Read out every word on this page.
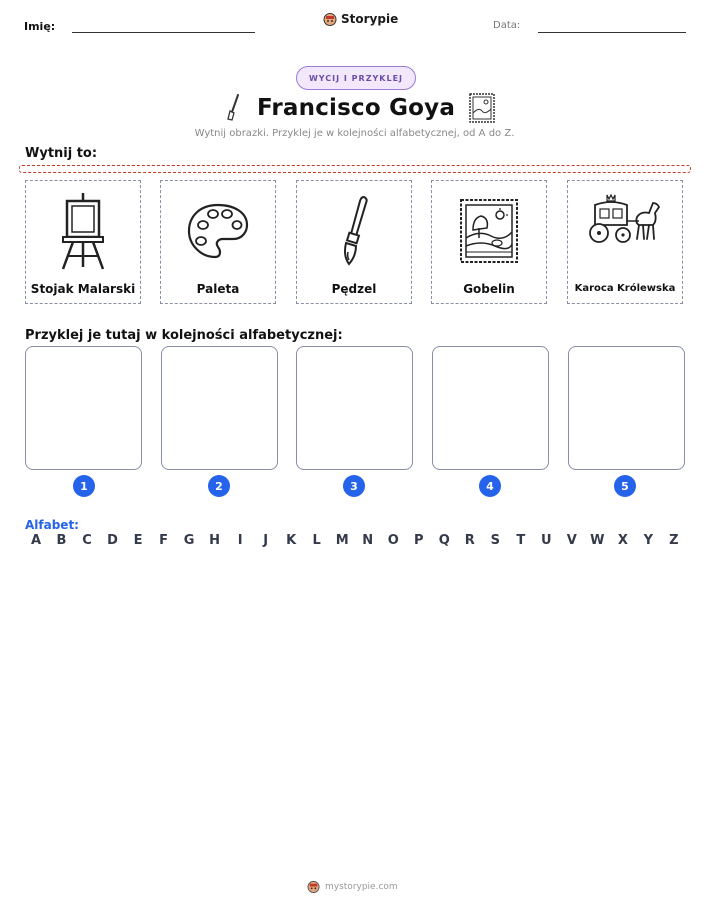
Imię:
Storypie	Data:
WYCIJ I PRZYKLEJ
Francisco Goya
Wytnij obrazki. Przyklej je w kolejności alfabetycznej, od A do Z.
Wytnij to:
Stojak Malarski	Paleta	Pędzel	Gobelin	Karoca Królewska
Przyklej je tutaj w kolejności alfabetycznej:
1	2	3	4	5
Alfabet:
A	B	C	D	E	F	G	H	I	J	K	L	M	N	O	P	Q	R	S	T	U	V	W	X	Y	Z
mystorypie.com
